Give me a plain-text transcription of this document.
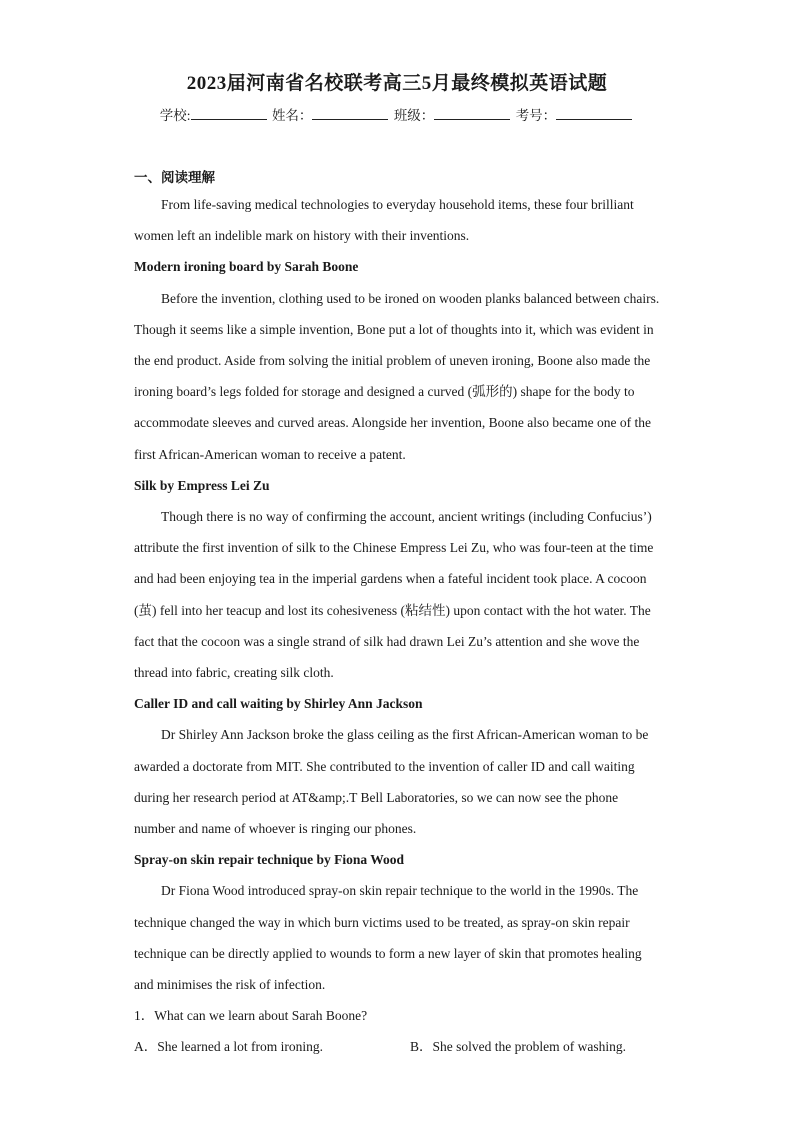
2023届河南省名校联考高三5月最终模拟英语试题
学校:	姓名：	班级：	考号：
一、阅读理解

From life-saving medical technologies to everyday household items, these four brilliant women left an indelible mark on history with their inventions.

Modern ironing board by Sarah Boone

Before the invention, clothing used to be ironed on wooden planks balanced between chairs. Though it seems like a simple invention, Bone put a lot of thoughts into it, which was evident in the end product. Aside from solving the initial problem of uneven ironing, Boone also made the ironing board’s legs folded for storage and designed a curved (弧形的) shape for the body to accommodate sleeves and curved areas. Alongside her invention, Boone also became one of the first African-American woman to receive a patent.

Silk by Empress Lei Zu

Though there is no way of confirming the account, ancient writings (including Confucius’) attribute the first invention of silk to the Chinese Empress Lei Zu, who was four-teen at the time and had been enjoying tea in the imperial gardens when a fateful incident took place. A cocoon (茧) fell into her teacup and lost its cohesiveness (粘结性) upon contact with the hot water. The fact that the cocoon was a single strand of silk had drawn Lei Zu’s attention and she wove the thread into fabric, creating silk cloth.

Caller ID and call waiting by Shirley Ann Jackson

Dr Shirley Ann Jackson broke the glass ceiling as the first African-American woman to be awarded a doctorate from MIT. She contributed to the invention of caller ID and call waiting during her research period at AT&amp;.T Bell Laboratories, so we can now see the phone number and name of whoever is ringing our phones.

Spray-on skin repair technique by Fiona Wood

Dr Fiona Wood introduced spray-on skin repair technique to the world in the 1990s. The technique changed the way in which burn victims used to be treated, as spray-on skin repair technique can be directly applied to wounds to form a new layer of skin that promotes healing and minimises the risk of infection.

1．What can we learn about Sarah Boone?
A．She learned a lot from ironing.	B．She solved the problem of washing.
